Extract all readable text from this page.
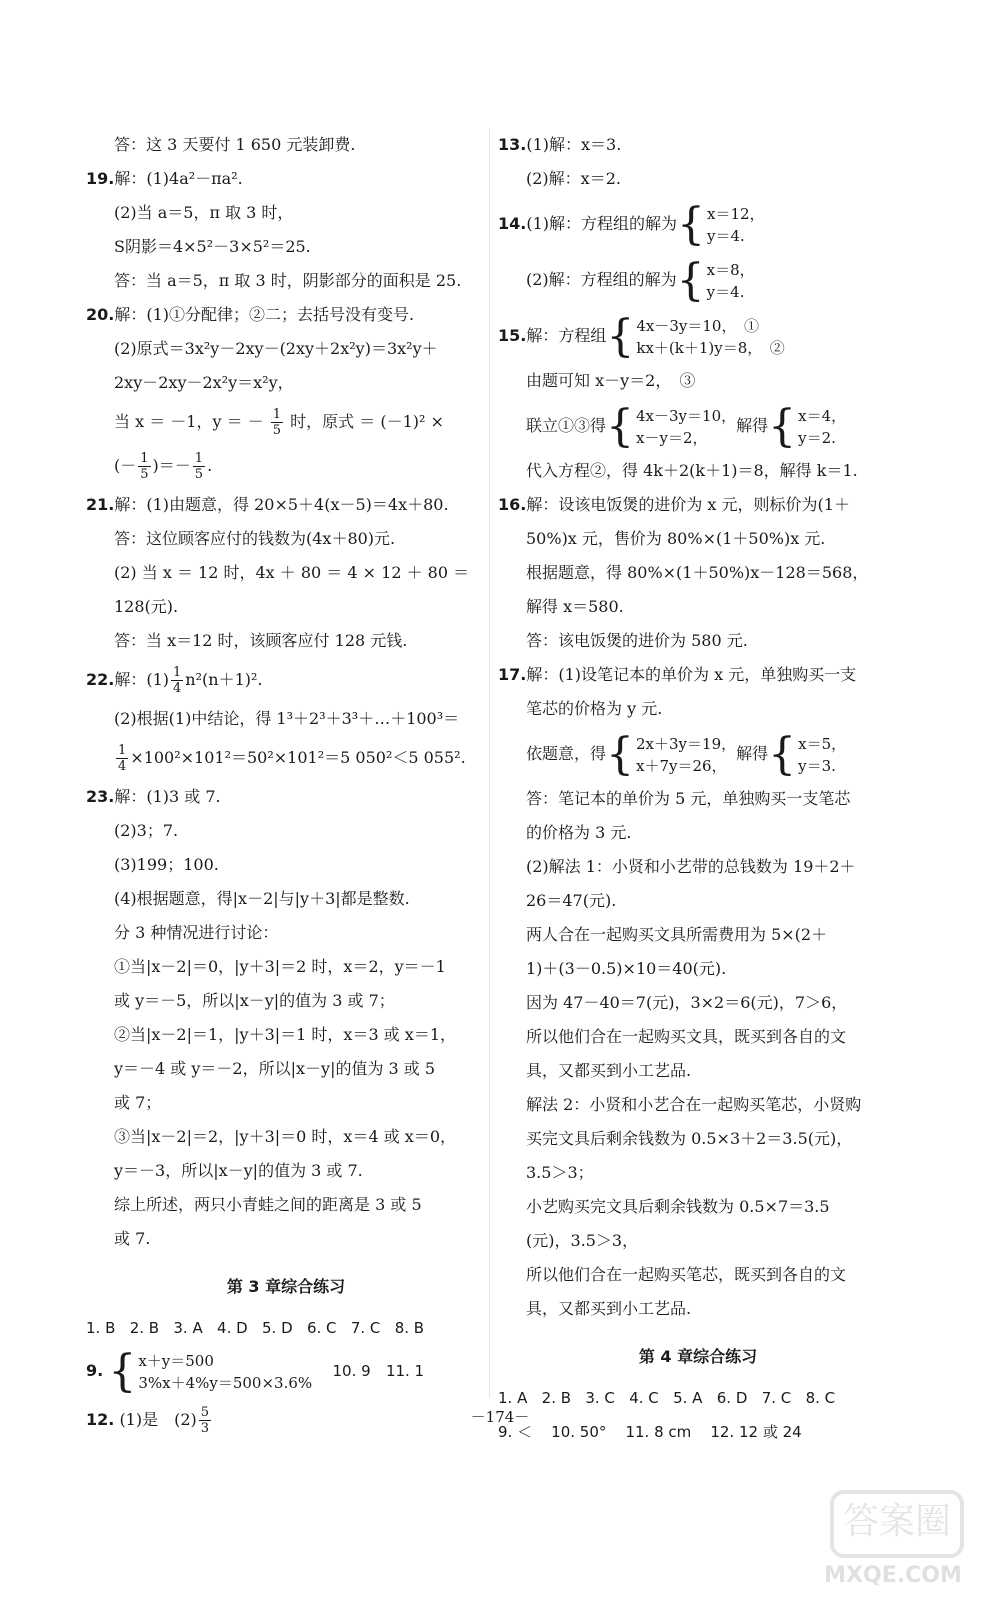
答：这 3 天要付 1 650 元装卸费.
19.解：(1)4a²－πa².
(2)当 a＝5，π 取 3 时，
S阴影＝4×5²－3×5²＝25.
答：当 a＝5，π 取 3 时，阴影部分的面积是 25.
20.解：(1)①分配律；②二；去括号没有变号.
(2)原式＝3x²y－2xy－(2xy＋2x²y)＝3x²y＋
2xy－2xy－2x²y＝x²y，
当 x ＝ －1，y ＝ － $\frac{1}{5}$ 时，原式 ＝ (－1)² ×
(－ $\frac{1}{5}$ )＝－ $\frac{1}{5}$ .
21.解：(1)由题意，得 20×5＋4(x－5)＝4x＋80.
答：这位顾客应付的钱数为(4x＋80)元.
(2) 当 x ＝ 12 时，4x ＋ 80 ＝ 4 × 12 ＋ 80 ＝
128(元).
答：当 x＝12 时，该顾客应付 128 元钱.
22.解：$(1) \frac{1}{4} n^2(n+1)^2$.
(2)根据(1)中结论，得 1³＋2³＋3³＋…＋100³＝
$\frac{1}{4} \times 100^2\times 101^2=50^2\times 101^2=5$ 050²＜5 055².
23.解：(1)3 或 7.
(2)3；7.
(3)199；100.
(4)根据题意，得|x－2|与|y＋3|都是整数.
分 3 种情况进行讨论：
①当|x－2|＝0，|y＋3|＝2 时，x＝2，y＝－1
或 y＝－5，所以|x－y|的值为 3 或 7；
②当|x－2|＝1，|y＋3|＝1 时，x＝3 或 x＝1，
y＝－4 或 y＝－2，所以|x－y|的值为 3 或 5
或 7；
③当|x－2|＝2，|y＋3|＝0 时，x＝4 或 x＝0，
y＝－3，所以|x－y|的值为 3 或 7.
综上所述，两只小青蛙之间的距离是 3 或 5
或 7.
第 3 章综合练习
1. B 2. B 3. A 4. D 5. D 6. C 7. C 8. B
9. { x＋y＝500
3%x＋4%y＝500×3.6%
10. 9 11. 1
12. (1)是　$(2) \frac{5}{3}$
13.(1)解：x＝3.
(2)解：x＝2.
14.(1)解：方程组的解为 { x＝12，
y＝4.
(2)解：方程组的解为 { x＝8，
y＝4.
15.解：方程组 { 4x－3y＝10，　①
kx＋(k＋1)y＝8，　②
由题可知 x－y＝2，　③
联立①③得 { 4x－3y＝10，
x－y＝2，
解得 { x＝4，
y＝2.
代入方程②，得 4k＋2(k＋1)＝8，解得 k＝1.
16.解：设该电饭煲的进价为 x 元，则标价为(1＋
50%)x 元，售价为 80%×(1＋50%)x 元.
根据题意，得 80%×(1＋50%)x－128＝568，
解得 x＝580.
答：该电饭煲的进价为 580 元.
17.解：(1)设笔记本的单价为 x 元，单独购买一支
笔芯的价格为 y 元.
依题意，得 { 2x＋3y＝19，
x＋7y＝26，
解得 { x＝5，
y＝3.
答：笔记本的单价为 5 元，单独购买一支笔芯
的价格为 3 元.
(2)解法 1：小贤和小艺带的总钱数为 19＋2＋
26＝47(元).
两人合在一起购买文具所需费用为 5×(2＋
1)＋(3－0.5)×10＝40(元).
因为 47－40＝7(元)，3×2＝6(元)，7＞6，
所以他们合在一起购买文具，既买到各自的文
具，又都买到小工艺品.
解法 2：小贤和小艺合在一起购买笔芯，小贤购
买完文具后剩余钱数为 0.5×3＋2＝3.5(元)，
3.5＞3；
小艺购买完文具后剩余钱数为 0.5×7＝3.5
(元)，3.5＞3，
所以他们合在一起购买笔芯，既买到各自的文
具，又都买到小工艺品.
第 4 章综合练习
1. A 2. B 3. C 4. C 5. A 6. D 7. C 8. C
9. ＜ 10. 50° 11. 8 cm 12. 12 或 24
－174－
答案圈
MXQE.COM
